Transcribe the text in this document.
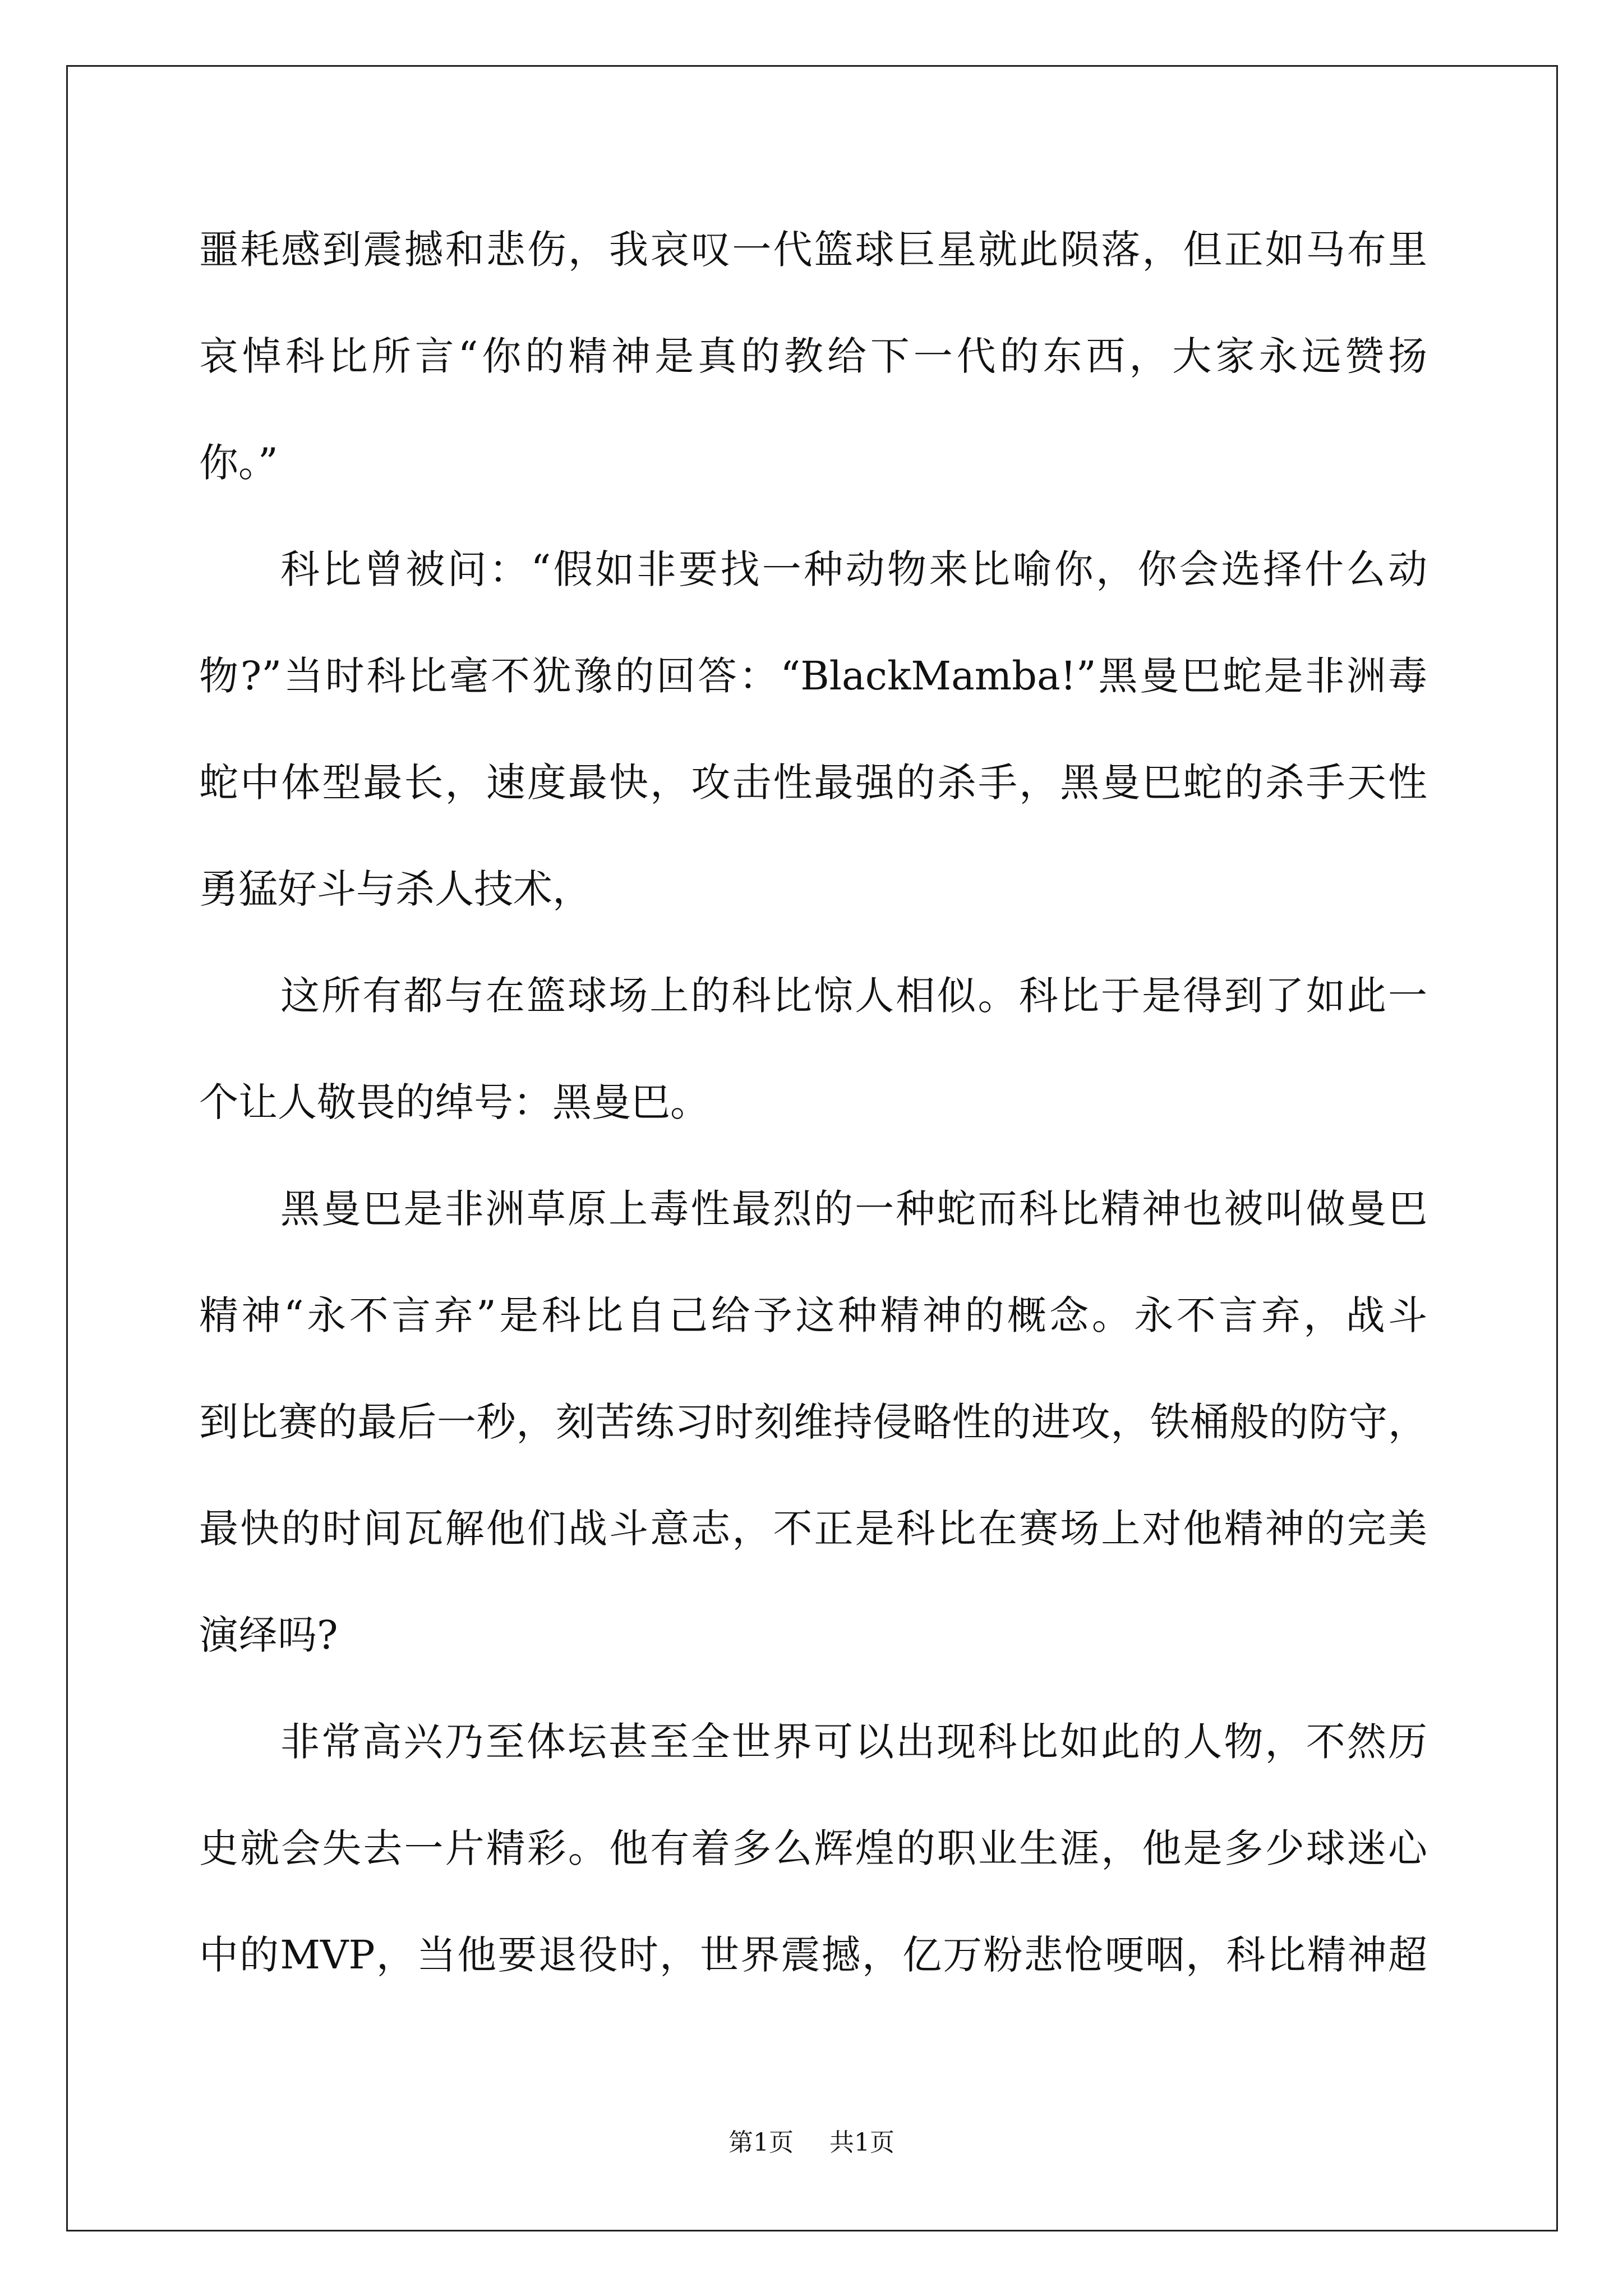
噩耗感到震撼和悲伤，我哀叹一代篮球巨星就此陨落，但正如马布里
哀悼科比所言“你的精神是真的教给下一代的东西，大家永远赞扬
你。”
科比曾被问：“假如非要找一种动物来比喻你，你会选择什么动
物?”当时科比毫不犹豫的回答：“BlackMamba!”黑曼巴蛇是非洲毒
蛇中体型最长，速度最快，攻击性最强的杀手，黑曼巴蛇的杀手天性
勇猛好斗与杀人技术，
这所有都与在篮球场上的科比惊人相似。科比于是得到了如此一
个让人敬畏的绰号：黑曼巴。
黑曼巴是非洲草原上毒性最烈的一种蛇而科比精神也被叫做曼巴
精神“永不言弃”是科比自己给予这种精神的概念。永不言弃，战斗
到比赛的最后一秒，刻苦练习时刻维持侵略性的进攻，铁桶般的防守，
最快的时间瓦解他们战斗意志，不正是科比在赛场上对他精神的完美
演绎吗?
非常高兴乃至体坛甚至全世界可以出现科比如此的人物，不然历
史就会失去一片精彩。他有着多么辉煌的职业生涯，他是多少球迷心
中的MVP，当他要退役时，世界震撼，亿万粉悲怆哽咽，科比精神超
第1页 共1页
